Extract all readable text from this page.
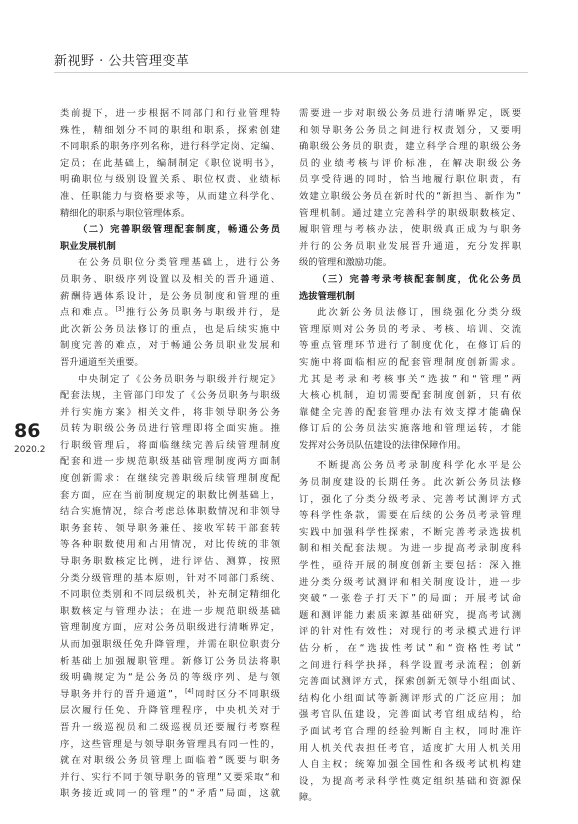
新视野 · 公共管理变革
86
2020.2
类前提下，进一步根据不同部门和行业管理特
殊性，精细划分不同的职组和职系，探索创建
不同职系的职务序列名称，进行科学定岗、定编、
定员；在此基础上，编制制定《职位说明书》，
明确职位与级别设置关系、职位权责、业绩标
准、任职能力与资格要求等，从而建立科学化、
精细化的职系与职位管理体系。
（二）完善职级管理配套制度，畅通公务员
职业发展机制
在公务员职位分类管理基础上，进行公务
员职务、职级序列设置以及相关的晋升通道、
薪酬待遇体系设计，是公务员制度和管理的重
点和难点。[3]推行公务员职务与职级并行，是
此次新公务员法修订的重点，也是后续实施中
制度完善的难点，对于畅通公务员职业发展和
晋升通道至关重要。
中央制定了《公务员职务与职级并行规定》
配套法规，主管部门印发了《公务员职务与职级
并行实施方案》相关文件，将非领导职务公务
员转为职级公务员进行管理即将全面实施。推
行职级管理后，将面临继续完善后续管理制度
配套和进一步规范职级基础管理制度两方面制
度创新需求：在继续完善职级后续管理制度配
套方面，应在当前制度规定的职数比例基础上，
结合实施情况，综合考虑总体职数情况和非领导
职务套转、领导职务兼任、接收军转干部套转
等各种职数使用和占用情况，对比传统的非领
导职务职数核定比例，进行评估、测算，按照
分类分级管理的基本原则，针对不同部门系统、
不同职位类别和不同层级机关，补充制定精细化
职数核定与管理办法；在进一步规范职级基础
管理制度方面，应对公务员职级进行清晰界定，
从而加强职级任免升降管理，并需在职位职责分
析基础上加强履职管理。新修订公务员法将职
级明确规定为“是公务员的等级序列、是与领
导职务并行的晋升通道”，[4]同时区分不同职级
层次履行任免、升降管理程序，中央机关对于
晋升一级巡视员和二级巡视员还要履行考察程
序，这些管理是与领导职务管理具有同一性的，
就在对职级公务员管理上面临着“既要与职务
并行、实行不同于领导职务的管理”又要采取“和
职务接近或同一的管理”的“矛盾”局面，这就
需要进一步对职级公务员进行清晰界定，既要
和领导职务公务员之间进行权责划分，又要明
确职级公务员的职责，建立科学合理的职级公务
员的业绩考核与评价标准，在解决职级公务
员享受待遇的同时，恰当地履行职位职责，有
效建立职级公务员在新时代的“新担当、新作为”
管理机制。通过建立完善科学的职级职数核定、
履职管理与考核办法，使职级真正成为与职务
并行的公务员职业发展晋升通道，充分发挥职
级的管理和激励功能。
（三）完善考录考核配套制度，优化公务员
选拔管理机制
此次新公务员法修订，围绕强化分类分级
管理原则对公务员的考录、考核、培训、交流
等重点管理环节进行了制度优化，在修订后的
实施中将面临相应的配套管理制度创新需求。
尤其是考录和考核事关“选拔”和“管理”两
大核心机制，迫切需要配套制度创新，只有依
靠健全完善的配套管理办法有效支撑才能确保
修订后的公务员法实施落地和管理运转，才能
发挥对公务员队伍建设的法律保障作用。
不断提高公务员考录制度科学化水平是公
务员制度建设的长期任务。此次新公务员法修
订，强化了分类分级考录、完善考试测评方式
等科学性条款，需要在后续的公务员考录管理
实践中加强科学性探索，不断完善考录选拔机
制和相关配套法规。为进一步提高考录制度科
学性，亟待开展的制度创新主要包括：深入推
进分类分级考试测评和相关制度设计，进一步
突破“一张卷子打天下”的局面；开展考试命
题和测评能力素质来源基础研究，提高考试测
评的针对性有效性；对现行的考录模式进行评
估分析，在“选拔性考试”和“资格性考试”
之间进行科学抉择，科学设置考录流程；创新
完善面试测评方式，探索创新无领导小组面试、
结构化小组面试等新测评形式的广泛应用；加
强考官队伍建设，完善面试考官组成结构，给
予面试考官合理的经验判断自主权，同时准许
用人机关代表担任考官，适度扩大用人机关用
人自主权；统筹加强全国性和各级考试机构建
设，为提高考录科学性奠定组织基础和资源保
障。
